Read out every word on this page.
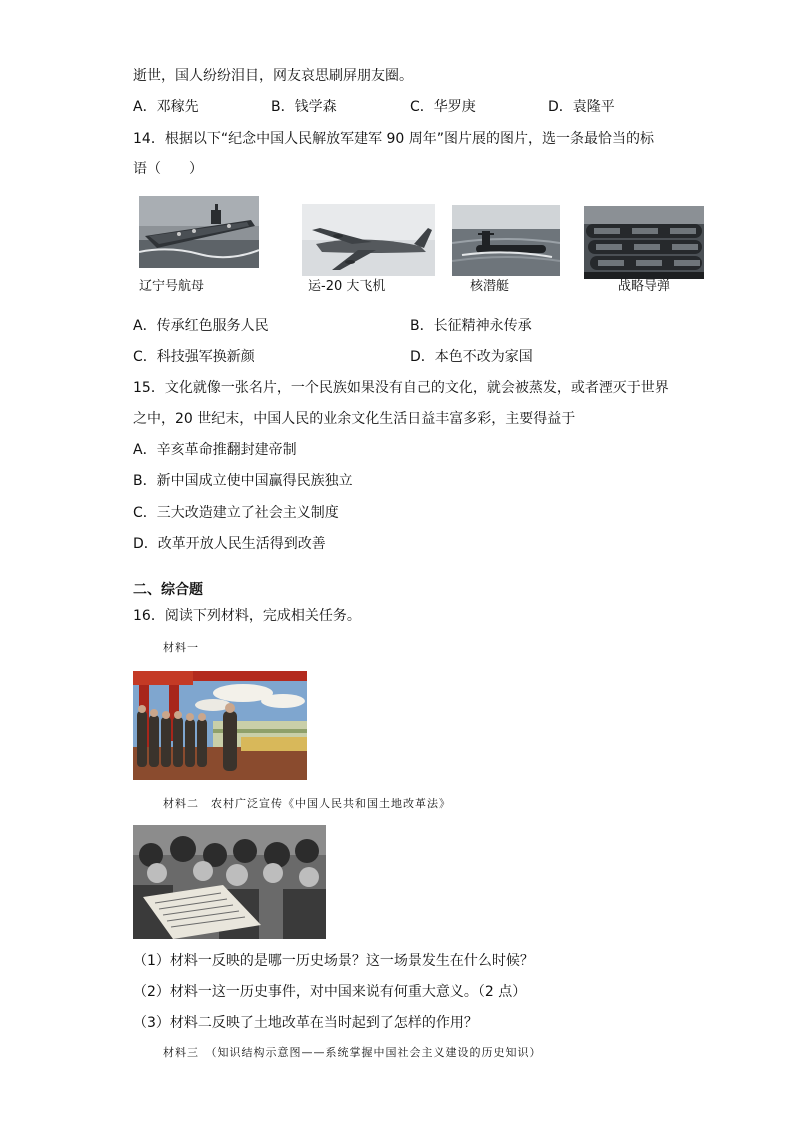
逝世，国人纷纷泪目，网友哀思刷屏朋友圈。
A．邓稼先	B．钱学森	C．华罗庚	D．袁隆平
14．根据以下“纪念中国人民解放军建军 90 周年”图片展的图片，选一条最恰当的标
语（　　）
辽宁号航母	运-20 大飞机	核潜艇	战略导弹
A．传承红色服务人民	B．长征精神永传承
C．科技强军换新颜	D．本色不改为家国
15．文化就像一张名片，一个民族如果没有自己的文化，就会被蒸发，或者湮灭于世界
之中，20 世纪末，中国人民的业余文化生活日益丰富多彩，主要得益于
A．辛亥革命推翻封建帝制
B．新中国成立使中国赢得民族独立
C．三大改造建立了社会主义制度
D．改革开放人民生活得到改善
二、综合题
16．阅读下列材料，完成相关任务。
材料一
材料二　农村广泛宣传《中国人民共和国土地改革法》
（1）材料一反映的是哪一历史场景？这一场景发生在什么时候？
（2）材料一这一历史事件，对中国来说有何重大意义。（2 点）
（3）材料二反映了土地改革在当时起到了怎样的作用？
材料三　（知识结构示意图——系统掌握中国社会主义建设的历史知识）
